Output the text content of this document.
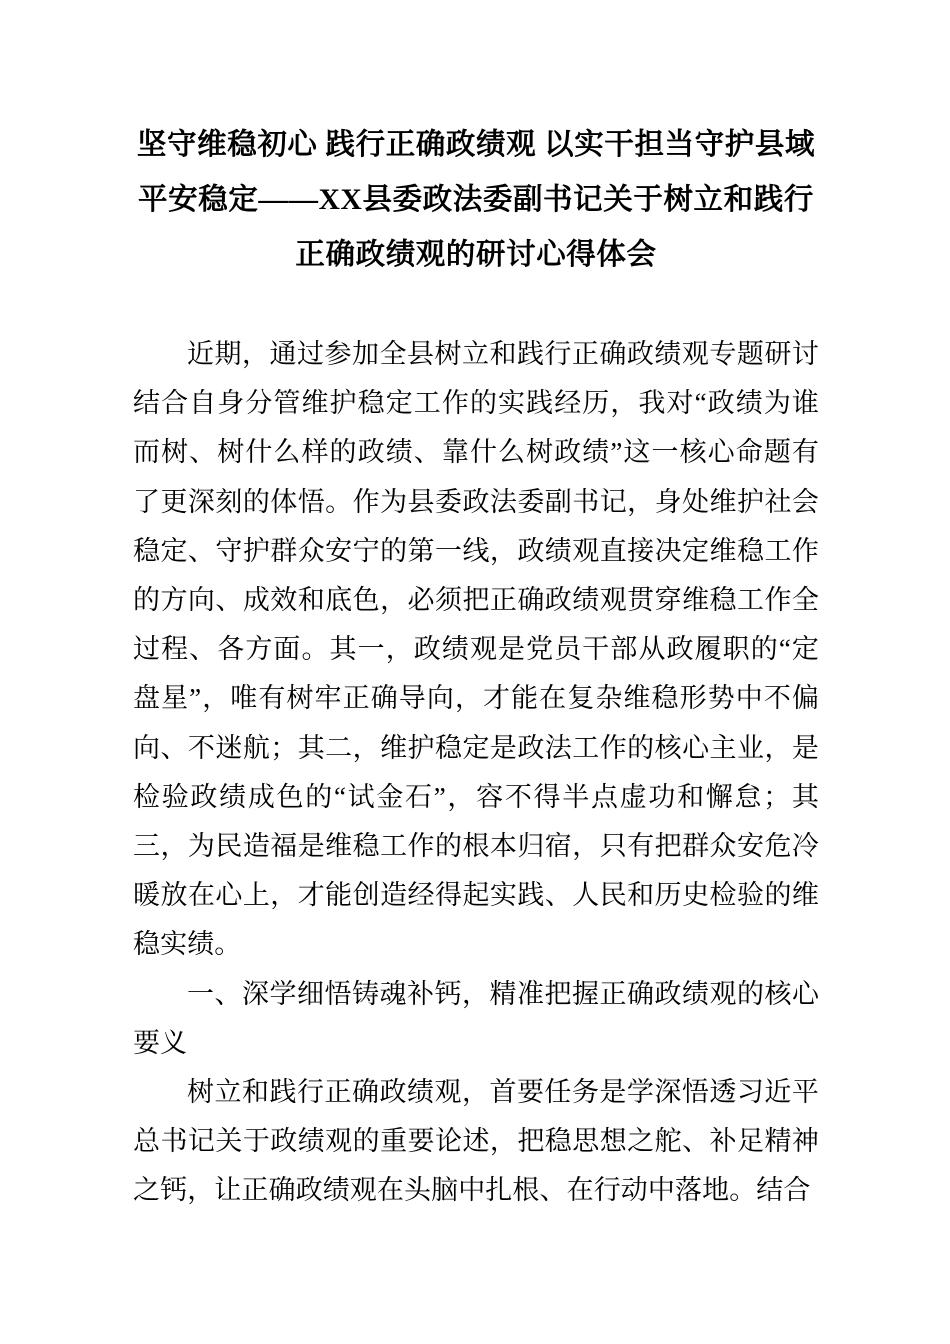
坚守维稳初心 践行正确政绩观 以实干担当守护县域
平安稳定——XX县委政法委副书记关于树立和践行
正确政绩观的研讨心得体会

近期，通过参加全县树立和践行正确政绩观专题研讨结合自身分管维护稳定工作的实践经历，我对“政绩为谁而树、树什么样的政绩、靠什么树政绩”这一核心命题有了更深刻的体悟。作为县委政法委副书记，身处维护社会稳定、守护群众安宁的第一线，政绩观直接决定维稳工作的方向、成效和底色，必须把正确政绩观贯穿维稳工作全过程、各方面。其一，政绩观是党员干部从政履职的“定盘星”，唯有树牢正确导向，才能在复杂维稳形势中不偏向、不迷航；其二，维护稳定是政法工作的核心主业，是检验政绩成色的“试金石”，容不得半点虚功和懈怠；其三，为民造福是维稳工作的根本归宿，只有把群众安危冷暖放在心上，才能创造经得起实践、人民和历史检验的维稳实绩。

一、深学细悟铸魂补钙，精准把握正确政绩观的核心要义

树立和践行正确政绩观，首要任务是学深悟透习近平总书记关于政绩观的重要论述，把稳思想之舵、补足精神之钙，让正确政绩观在头脑中扎根、在行动中落地。结合
